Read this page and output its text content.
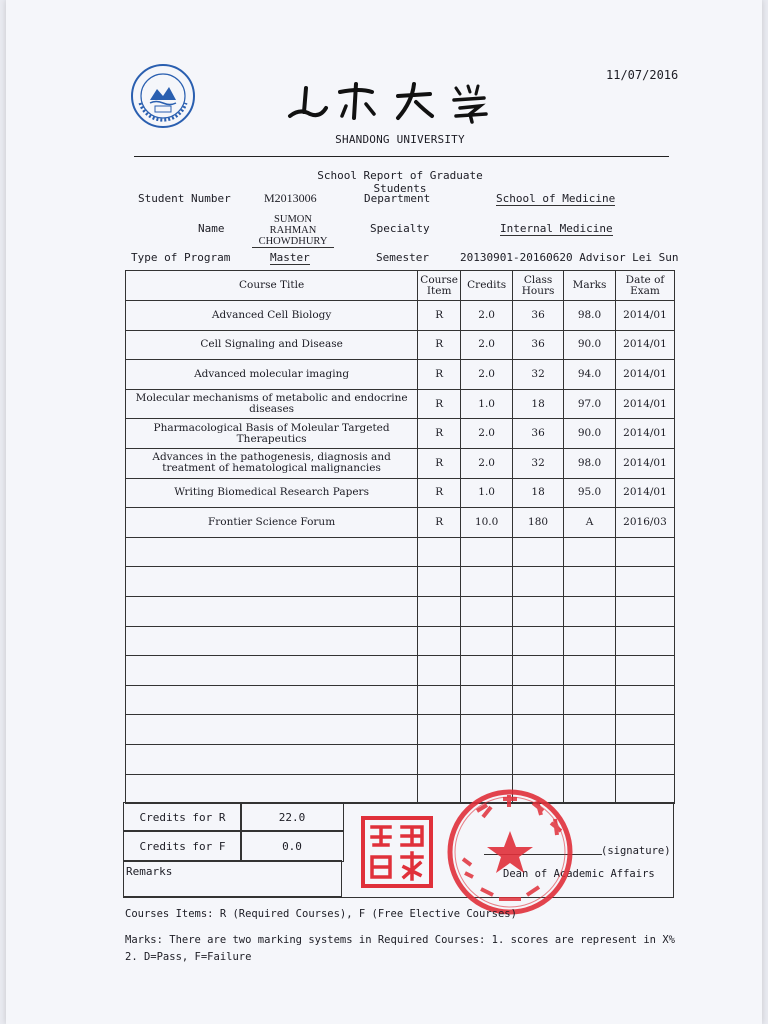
11/07/2016
SHANDONG UNIVERSITY
School Report of Graduate Students
Student Number	M2013006	Department	School of Medicine
Name
SUMON RAHMAN
CHOWDHURY
Specialty	Internal Medicine
Type of Program	Master	Semester	20130901-20160620 Advisor Lei Sun
Course Title	Course Item	Credits	Class Hours	Marks	Date of Exam
Advanced Cell Biology	R	2.0	36	98.0	2014/01
Cell Signaling and Disease	R	2.0	36	90.0	2014/01
Advanced molecular imaging	R	2.0	32	94.0	2014/01
Molecular mechanisms of metabolic and endocrine diseases	R	1.0	18	97.0	2014/01
Pharmacological Basis of Moleular Targeted Therapeutics	R	2.0	36	90.0	2014/01
Advances in the pathogenesis, diagnosis and treatment of hematological malignancies	R	2.0	32	98.0	2014/01
Writing Biomedical Research Papers	R	1.0	18	95.0	2014/01
Frontier Science Forum	R	10.0	180	A	2016/03

Credits for R	22.0
Credits for F	0.0
Remarks
(signature)
Dean of Academic Affairs
Courses Items: R (Required Courses), F (Free Elective Courses)
Marks: There are two marking systems in Required Courses: 1. scores are represent in X%
2. D=Pass, F=Failure
